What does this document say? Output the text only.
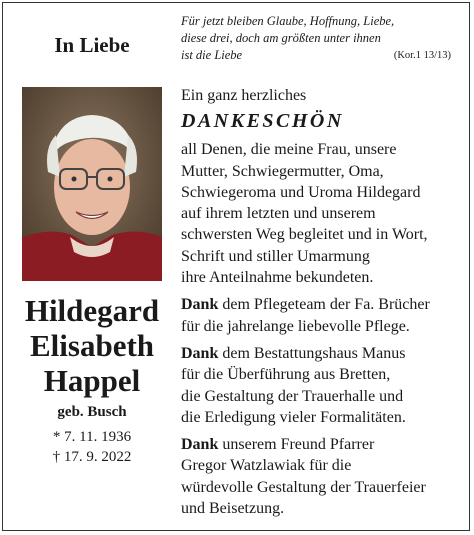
In Liebe
Hildegard
Elisabeth
Happel
geb. Busch
* 7. 11. 1936
† 17. 9. 2022
Für jetzt bleiben Glaube, Hoffnung, Liebe,
diese drei, doch am größten unter ihnen
ist die Liebe	(Kor.1 13/13)
Ein ganz herzliches
DANKESCHÖN
all Denen, die meine Frau, unsere
Mutter, Schwiegermutter, Oma,
Schwiegeroma und Uroma Hildegard
auf ihrem letzten und unserem
schwersten Weg begleitet und in Wort,
Schrift und stiller Umarmung
ihre Anteilnahme bekundeten.
Dank dem Pflegeteam der Fa. Brücher
für die jahrelange liebevolle Pflege.
Dank dem Bestattungshaus Manus
für die Überführung aus Bretten,
die Gestaltung der Trauerhalle und
die Erledigung vieler Formalitäten.
Dank unserem Freund Pfarrer
Gregor Watzlawiak für die
würdevolle Gestaltung der Trauerfeier
und Beisetzung.
